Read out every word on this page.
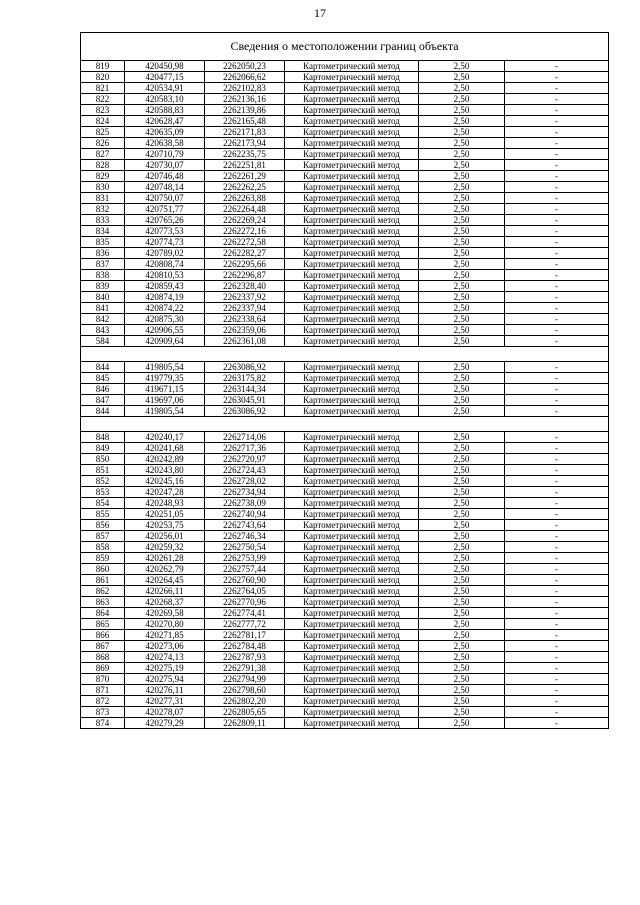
17
Сведения о местоположении границ объекта					
819	420450,98	2262050,23	Картометрический метод	2,50	-
820	420477,15	2262066,62	Картометрический метод	2,50	-
821	420534,91	2262102,83	Картометрический метод	2,50	-
822	420583,10	2262136,16	Картометрический метод	2,50	-
823	420588,83	2262139,86	Картометрический метод	2,50	-
824	420628,47	2262165,48	Картометрический метод	2,50	-
825	420635,09	2262171,83	Картометрический метод	2,50	-
826	420638,58	2262173,94	Картометрический метод	2,50	-
827	420710,79	2262235,75	Картометрический метод	2,50	-
828	420730,07	2262251,81	Картометрический метод	2,50	-
829	420746,48	2262261,29	Картометрический метод	2,50	-
830	420748,14	2262262,25	Картометрический метод	2,50	-
831	420750,07	2262263,88	Картометрический метод	2,50	-
832	420751,77	2262264,48	Картометрический метод	2,50	-
833	420765,26	2262269,24	Картометрический метод	2,50	-
834	420773,53	2262272,16	Картометрический метод	2,50	-
835	420774,73	2262272,58	Картометрический метод	2,50	-
836	420789,02	2262282,27	Картометрический метод	2,50	-
837	420808,74	2262295,66	Картометрический метод	2,50	-
838	420810,53	2262296,87	Картометрический метод	2,50	-
839	420859,43	2262328,40	Картометрический метод	2,50	-
840	420874,19	2262337,92	Картометрический метод	2,50	-
841	420874,22	2262337,94	Картометрический метод	2,50	-
842	420875,30	2262338,64	Картометрический метод	2,50	-
843	420906,55	2262359,06	Картометрический метод	2,50	-
584	420909,64	2262361,08	Картометрический метод	2,50	-

844	419805,54	2263086,92	Картометрический метод	2,50	-
845	419779,35	2263175,82	Картометрический метод	2,50	-
846	419671,15	2263144,34	Картометрический метод	2,50	-
847	419697,06	2263045,91	Картометрический метод	2,50	-
844	419805,54	2263086,92	Картометрический метод	2,50	-

848	420240,17	2262714,06	Картометрический метод	2,50	-
849	420241,68	2262717,36	Картометрический метод	2,50	-
850	420242,89	2262720,97	Картометрический метод	2,50	-
851	420243,80	2262724,43	Картометрический метод	2,50	-
852	420245,16	2262728,02	Картометрический метод	2,50	-
853	420247,28	2262734,94	Картометрический метод	2,50	-
854	420248,93	2262738,09	Картометрический метод	2,50	-
855	420251,05	2262740,94	Картометрический метод	2,50	-
856	420253,75	2262743,64	Картометрический метод	2,50	-
857	420256,01	2262746,34	Картометрический метод	2,50	-
858	420259,32	2262750,54	Картометрический метод	2,50	-
859	420261,28	2262753,99	Картометрический метод	2,50	-
860	420262,79	2262757,44	Картометрический метод	2,50	-
861	420264,45	2262760,90	Картометрический метод	2,50	-
862	420266,11	2262764,05	Картометрический метод	2,50	-
863	420268,37	2262770,96	Картометрический метод	2,50	-
864	420269,58	2262774,41	Картометрический метод	2,50	-
865	420270,80	2262777,72	Картометрический метод	2,50	-
866	420271,85	2262781,17	Картометрический метод	2,50	-
867	420273,06	2262784,48	Картометрический метод	2,50	-
868	420274,13	2262787,93	Картометрический метод	2,50	-
869	420275,19	2262791,38	Картометрический метод	2,50	-
870	420275,94	2262794,99	Картометрический метод	2,50	-
871	420276,11	2262798,60	Картометрический метод	2,50	-
872	420277,31	2262802,20	Картометрический метод	2,50	-
873	420278,07	2262805,65	Картометрический метод	2,50	-
874	420279,29	2262809,11	Картометрический метод	2,50	-
